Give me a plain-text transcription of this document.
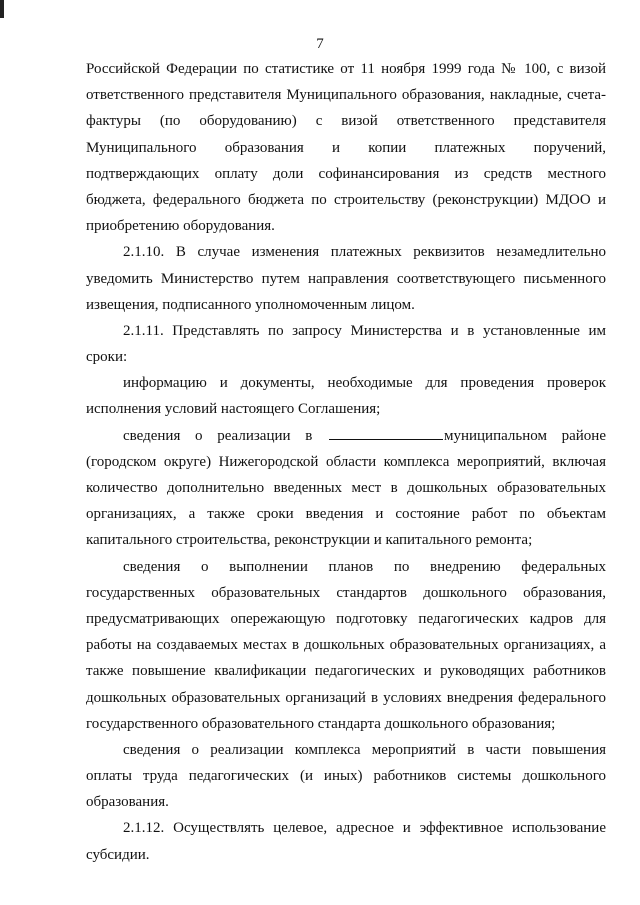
7
Российской Федерации по статистике от 11 ноября 1999 года № 100, с визой
ответственного представителя Муниципального образования, накладные, счета-
фактуры (по оборудованию) с визой ответственного представителя
Муниципального образования и копии платежных поручений,
подтверждающих оплату доли софинансирования из средств местного
бюджета, федерального бюджета по строительству (реконструкции) МДОО и
приобретению оборудования.
2.1.10. В случае изменения платежных реквизитов незамедлительно
уведомить Министерство путем направления соответствующего письменного
извещения, подписанного уполномоченным лицом.
2.1.11. Представлять по запросу Министерства и в установленные им
сроки:
информацию и документы, необходимые для проведения проверок
исполнения условий настоящего Соглашения;
сведения о реализации в	муниципальном районе
(городском округе) Нижегородской области комплекса мероприятий, включая
количество дополнительно введенных мест в дошкольных образовательных
организациях, а также сроки введения и состояние работ по объектам
капитального строительства, реконструкции и капитального ремонта;
сведения о выполнении планов по внедрению федеральных
государственных образовательных стандартов дошкольного образования,
предусматривающих опережающую подготовку педагогических кадров для
работы на создаваемых местах в дошкольных образовательных организациях, а
также повышение квалификации педагогических и руководящих работников
дошкольных образовательных организаций в условиях внедрения федерального
государственного образовательного стандарта дошкольного образования;
сведения о реализации комплекса мероприятий в части повышения
оплаты труда педагогических (и иных) работников системы дошкольного
образования.
2.1.12. Осуществлять целевое, адресное и эффективное использование
субсидии.
